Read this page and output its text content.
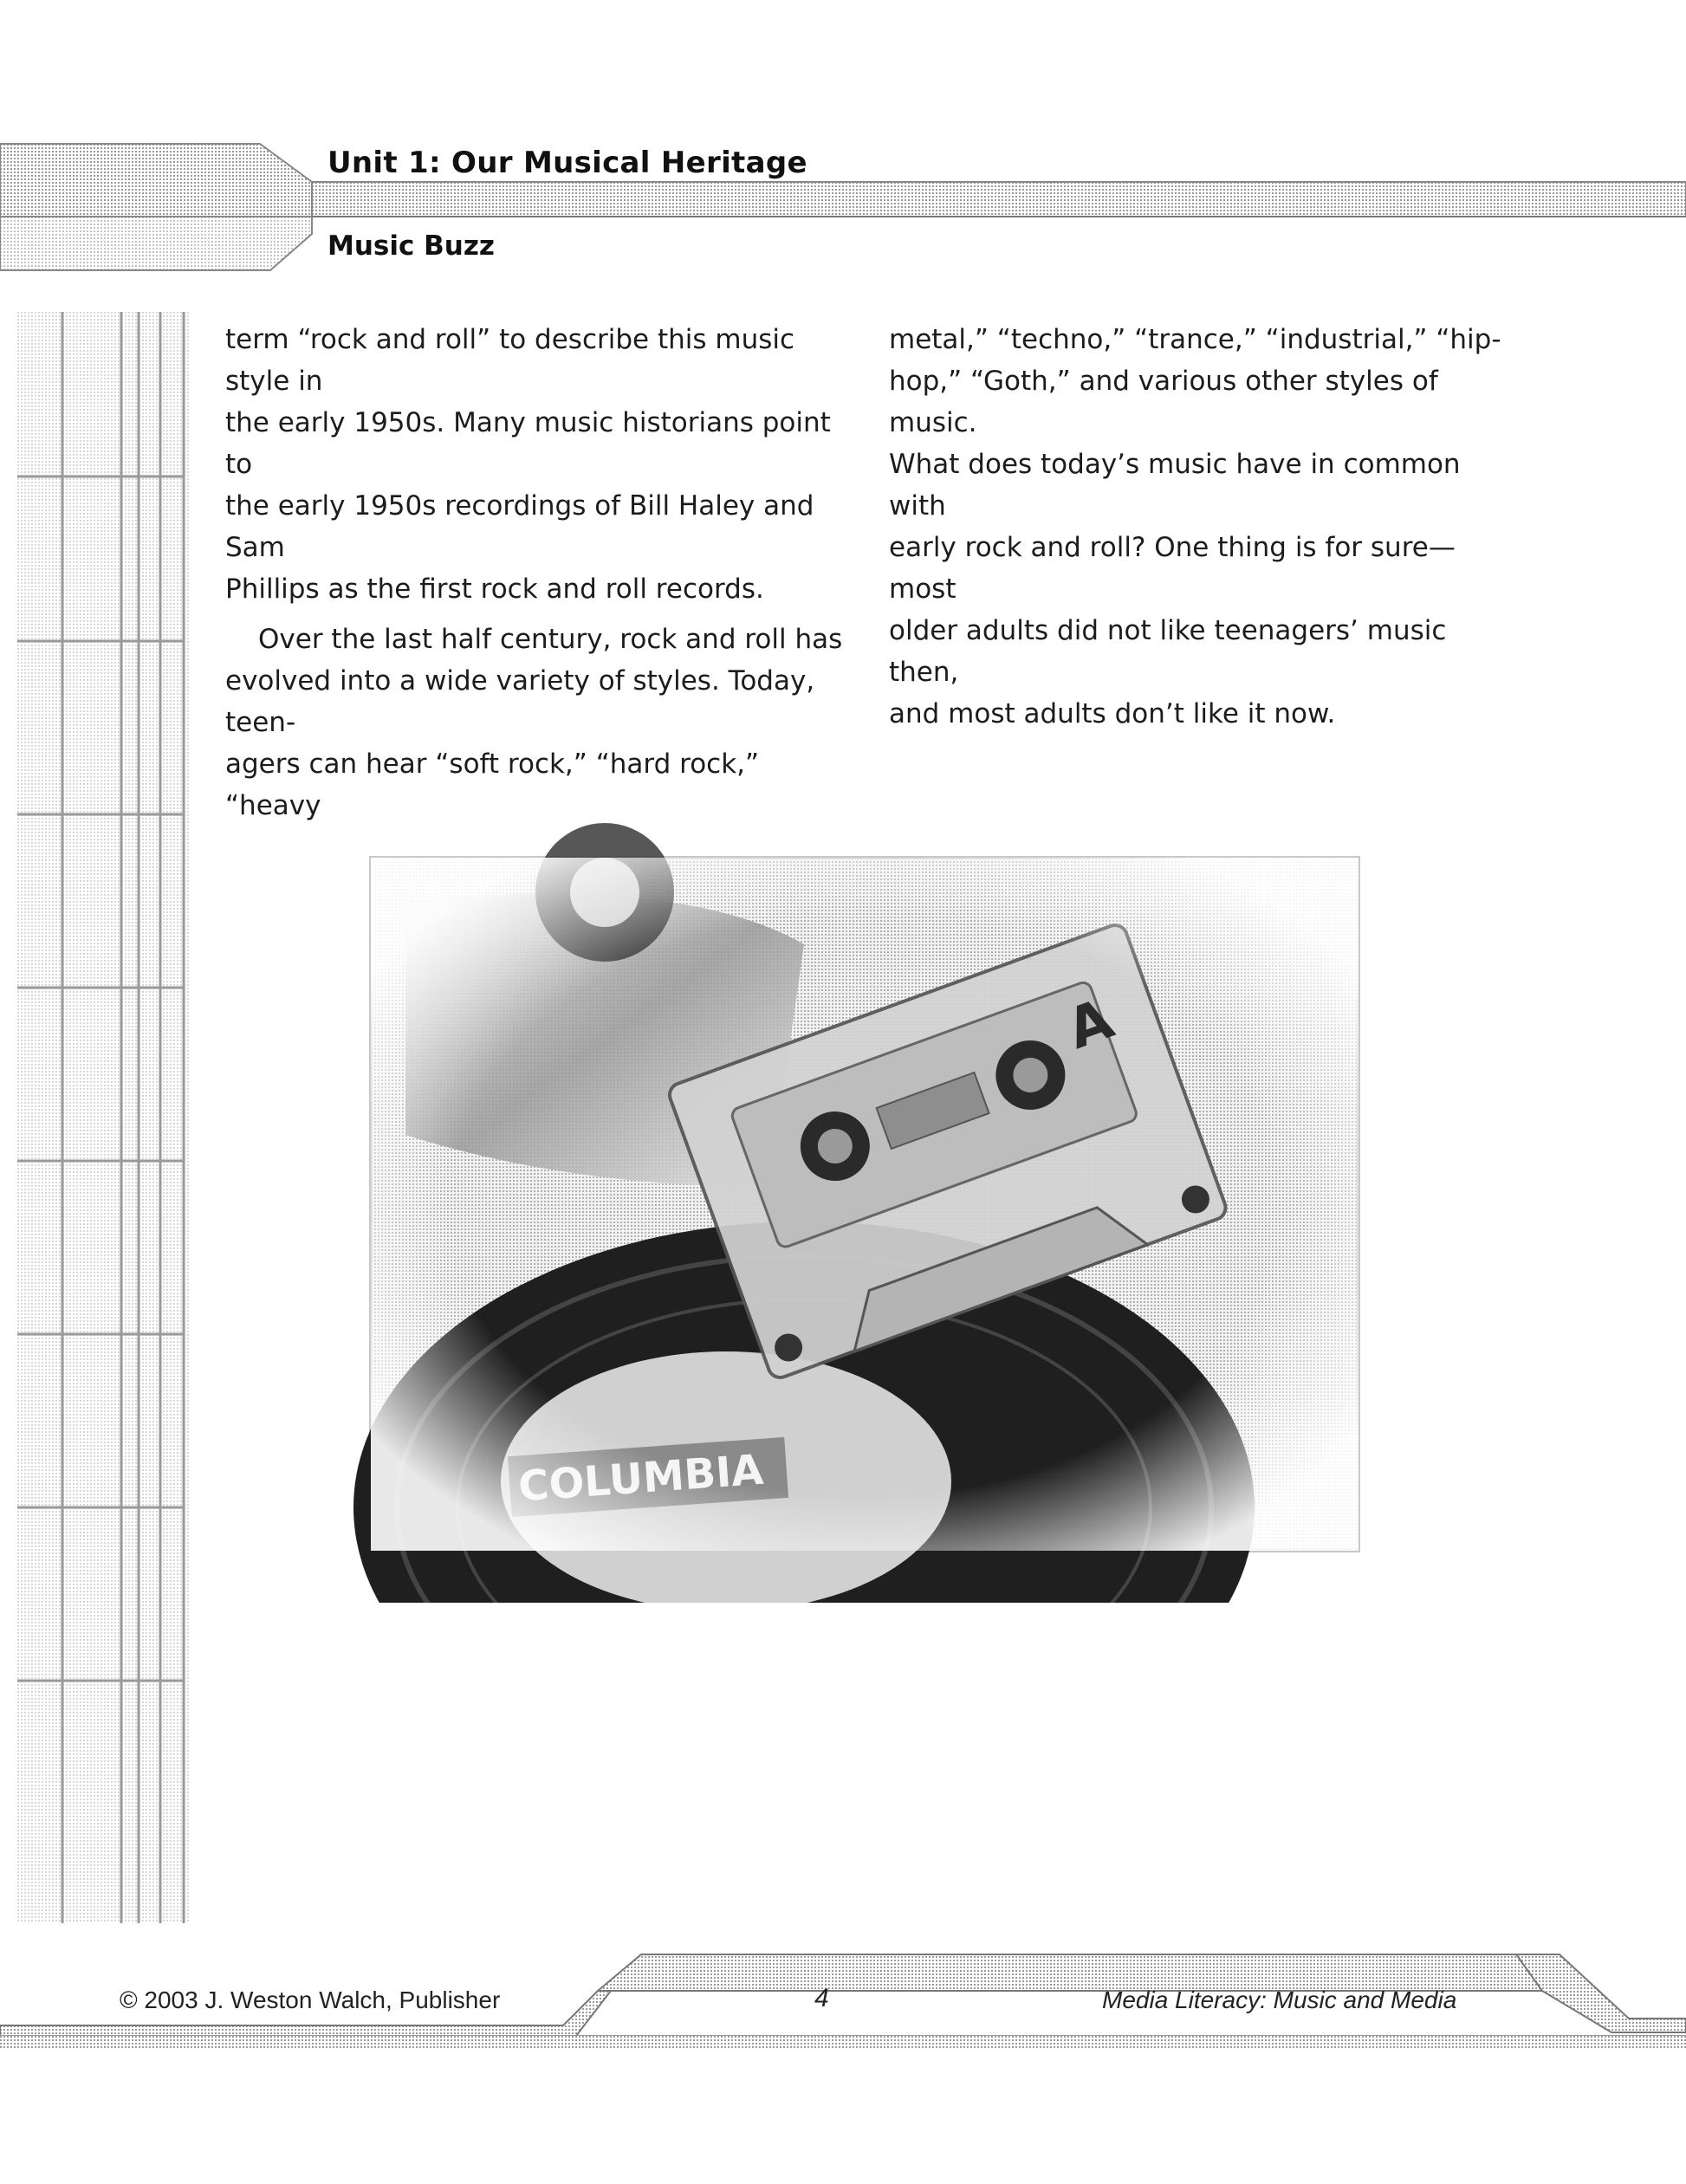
Unit 1: Our Musical Heritage
Music Buzz

term “rock and roll” to describe this music style in
the early 1950s. Many music historians point to
the early 1950s recordings of Bill Haley and Sam
Phillips as the first rock and roll records.

Over the last half century, rock and roll has
evolved into a wide variety of styles. Today, teen-
agers can hear “soft rock,” “hard rock,” “heavy

metal,” “techno,” “trance,” “industrial,” “hip-
hop,” “Goth,” and various other styles of music.
What does today’s music have in common with
early rock and roll? One thing is for sure—most
older adults did not like teenagers’ music then,
and most adults don’t like it now.

© 2003 J. Weston Walch, Publisher	4	Media Literacy: Music and Media
